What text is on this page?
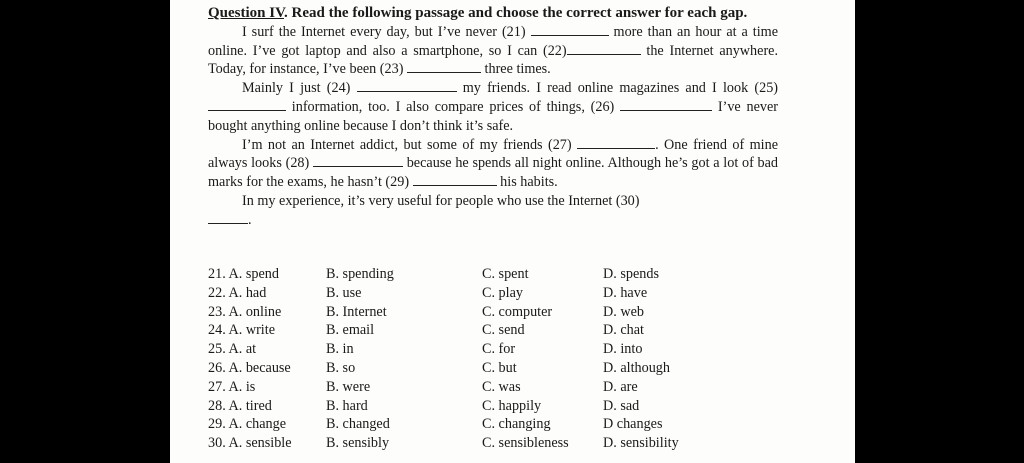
Question IV. Read the following passage and choose the correct answer for each gap.

I surf the Internet every day, but I’ve never (21)	more than an hour at a time online. I’ve got laptop and also a smartphone, so I can (22)	the Internet anywhere. Today, for instance, I’ve been (23)	three times.

Mainly I just (24)	my friends. I read online magazines and I look (25)  information, too. I also compare prices of things, (26)	I’ve never bought anything online because I don’t think it’s safe.

I’m not an Internet addict, but some of my friends (27)	. One friend of mine always looks (28)	because he spends all night online. Although he’s got a lot of bad marks for the exams, he hasn’t (29)	his habits.

In my experience, it’s very useful for people who use the Internet (30)

.

21. A. spend	B. spending	C. spent	D. spends
22. A. had	B. use	C. play	D. have
23. A. online	B. Internet	C. computer	D. web
24. A. write	B. email	C. send	D. chat
25. A. at	B. in	C. for	D. into
26. A. because B. so	C. but	D. although
27. A. is	B. were	C. was	D. are
28. A. tired	B. hard	C. happily	D. sad
29. A. change	B. changed	C. changing	D changes
30. A. sensible B. sensibly	C. sensibleness D. sensibility
